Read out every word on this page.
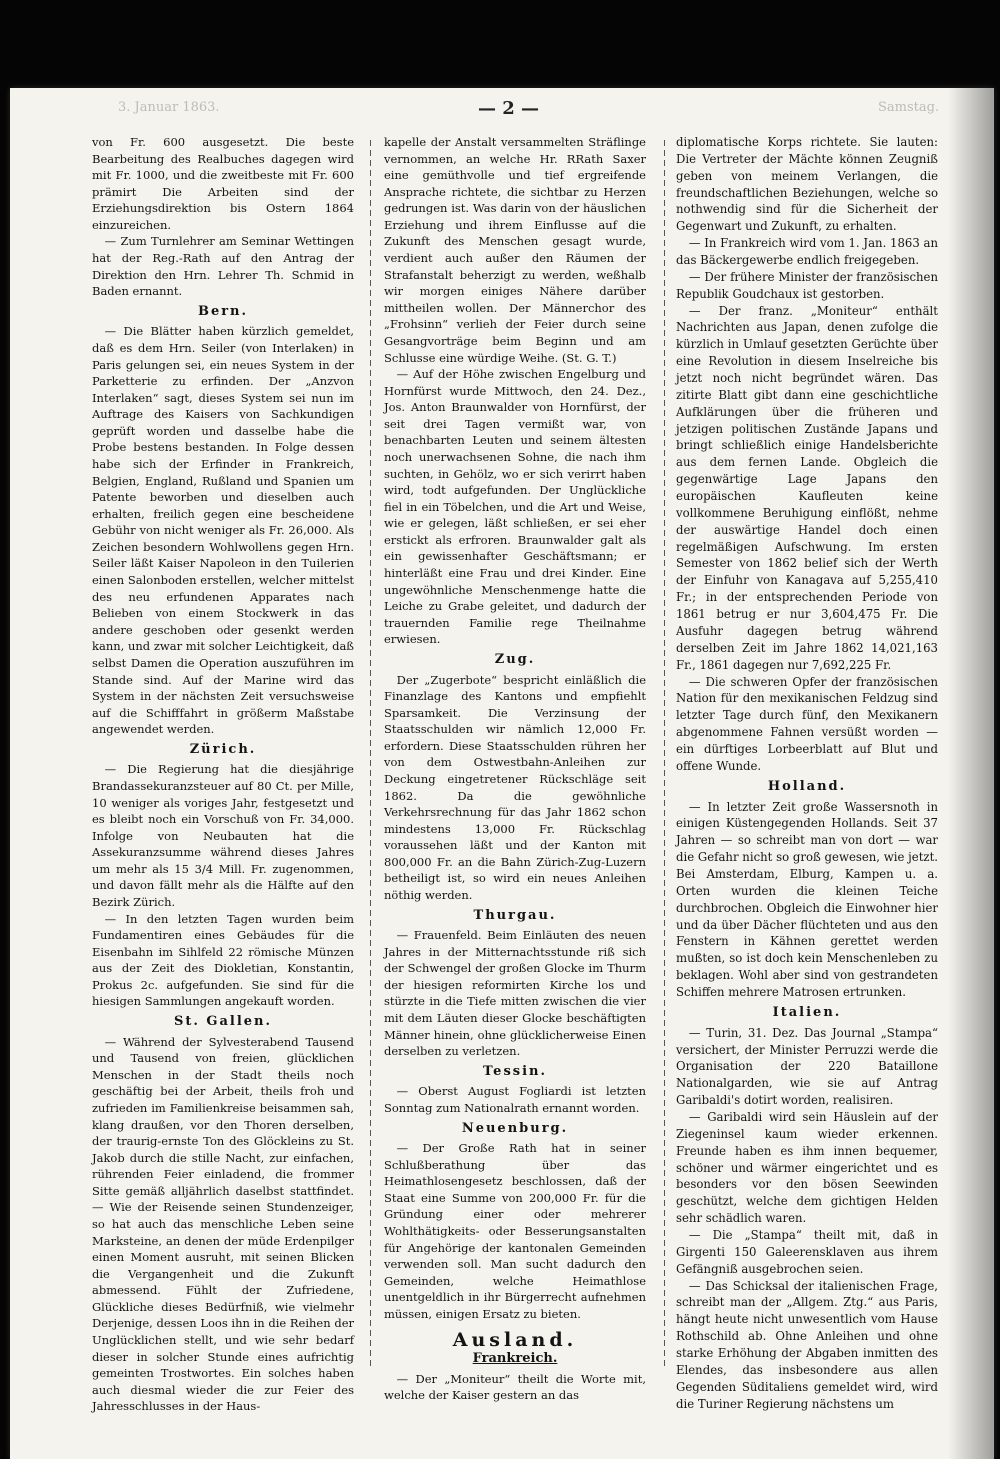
3. Januar 1863.	— 2 —	Samstag.

von Fr. 600 ausgesetzt. Die beste Bearbeitung des Realbuches dagegen wird mit Fr. 1000, und die zweitbeste mit Fr. 600 prämirt Die Arbeiten sind der Erziehungsdirektion bis Ostern 1864 einzureichen.

— Zum Turnlehrer am Seminar Wettingen hat der Reg.-Rath auf den Antrag der Direktion den Hrn. Lehrer Th. Schmid in Baden ernannt.

Bern.

— Die Blätter haben kürzlich gemeldet, daß es dem Hrn. Seiler (von Interlaken) in Paris gelungen sei, ein neues System in der Parketterie zu erfinden. Der „Anzvon Interlaken“ sagt, dieses System sei nun im Auftrage des Kaisers von Sachkundigen geprüft worden und dasselbe habe die Probe bestens bestanden. In Folge dessen habe sich der Erfinder in Frankreich, Belgien, England, Rußland und Spanien um Patente beworben und dieselben auch erhalten, freilich gegen eine bescheidene Gebühr von nicht weniger als Fr. 26,000. Als Zeichen besondern Wohlwollens gegen Hrn. Seiler läßt Kaiser Napoleon in den Tuilerien einen Salonboden erstellen, welcher mittelst des neu erfundenen Apparates nach Belieben von einem Stockwerk in das andere geschoben oder gesenkt werden kann, und zwar mit solcher Leichtigkeit, daß selbst Damen die Operation auszuführen im Stande sind. Auf der Marine wird das System in der nächsten Zeit versuchsweise auf die Schifffahrt in größerm Maßstabe angewendet werden.

Zürich.

— Die Regierung hat die diesjährige Brandassekuranzsteuer auf 80 Ct. per Mille, 10 weniger als voriges Jahr, festgesetzt und es bleibt noch ein Vorschuß von Fr. 34,000. Infolge von Neubauten hat die Assekuranzsumme während dieses Jahres um mehr als 15 3/4 Mill. Fr. zugenommen, und davon fällt mehr als die Hälfte auf den Bezirk Zürich.

— In den letzten Tagen wurden beim Fundamentiren eines Gebäudes für die Eisenbahn im Sihlfeld 22 römische Münzen aus der Zeit des Diokletian, Konstantin, Prokus 2c. aufgefunden. Sie sind für die hiesigen Sammlungen angekauft worden.

St. Gallen.

— Während der Sylvesterabend Tausend und Tausend von freien, glücklichen Menschen in der Stadt theils noch geschäftig bei der Arbeit, theils froh und zufrieden im Familienkreise beisammen sah, klang draußen, vor den Thoren derselben, der traurig-ernste Ton des Glöckleins zu St. Jakob durch die stille Nacht, zur einfachen, rührenden Feier einladend, die frommer Sitte gemäß alljährlich daselbst stattfindet. — Wie der Reisende seinen Stundenzeiger, so hat auch das menschliche Leben seine Marksteine, an denen der müde Erdenpilger einen Moment ausruht, mit seinen Blicken die Vergangenheit und die Zukunft abmessend. Fühlt der Zufriedene, Glückliche dieses Bedürfniß, wie vielmehr Derjenige, dessen Loos ihn in die Reihen der Unglücklichen stellt, und wie sehr bedarf dieser in solcher Stunde eines aufrichtig gemeinten Trostwortes. Ein solches haben auch diesmal wieder die zur Feier des Jahresschlusses in der Haus-

kapelle der Anstalt versammelten Sträflinge vernommen, an welche Hr. RRath Saxer eine gemüthvolle und tief ergreifende Ansprache richtete, die sichtbar zu Herzen gedrungen ist. Was darin von der häuslichen Erziehung und ihrem Einflusse auf die Zukunft des Menschen gesagt wurde, verdient auch außer den Räumen der Strafanstalt beherzigt zu werden, weßhalb wir morgen einiges Nähere darüber mittheilen wollen. Der Männerchor des „Frohsinn“ verlieh der Feier durch seine Gesangvorträge beim Beginn und am Schlusse eine würdige Weihe. (St. G. T.)

— Auf der Höhe zwischen Engelburg und Hornfürst wurde Mittwoch, den 24. Dez., Jos. Anton Braunwalder von Hornfürst, der seit drei Tagen vermißt war, von benachbarten Leuten und seinem ältesten noch unerwachsenen Sohne, die nach ihm suchten, in Gehölz, wo er sich verirrt haben wird, todt aufgefunden. Der Unglückliche fiel in ein Töbelchen, und die Art und Weise, wie er gelegen, läßt schließen, er sei eher erstickt als erfroren. Braunwalder galt als ein gewissenhafter Geschäftsmann; er hinterläßt eine Frau und drei Kinder. Eine ungewöhnliche Menschenmenge hatte die Leiche zu Grabe geleitet, und dadurch der trauernden Familie rege Theilnahme erwiesen.

Zug.

Der „Zugerbote“ bespricht einläßlich die Finanzlage des Kantons und empfiehlt Sparsamkeit. Die Verzinsung der Staatsschulden wir nämlich 12,000 Fr. erfordern. Diese Staatsschulden rühren her von dem Ostwestbahn-Anleihen zur Deckung eingetretener Rückschläge seit 1862. Da die gewöhnliche Verkehrsrechnung für das Jahr 1862 schon mindestens 13,000 Fr. Rückschlag voraussehen läßt und der Kanton mit 800,000 Fr. an die Bahn Zürich-Zug-Luzern betheiligt ist, so wird ein neues Anleihen nöthig werden.

Thurgau.

— Frauenfeld. Beim Einläuten des neuen Jahres in der Mitternachtsstunde riß sich der Schwengel der großen Glocke im Thurm der hiesigen reformirten Kirche los und stürzte in die Tiefe mitten zwischen die vier mit dem Läuten dieser Glocke beschäftigten Männer hinein, ohne glücklicherweise Einen derselben zu verletzen.

Tessin.

— Oberst August Fogliardi ist letzten Sonntag zum Nationalrath ernannt worden.

Neuenburg.

— Der Große Rath hat in seiner Schlußberathung über das Heimathlosengesetz beschlossen, daß der Staat eine Summe von 200,000 Fr. für die Gründung einer oder mehrerer Wohlthätigkeits- oder Besserungsanstalten für Angehörige der kantonalen Gemeinden verwenden soll. Man sucht dadurch den Gemeinden, welche Heimathlose unentgeldlich in ihr Bürgerrecht aufnehmen müssen, einigen Ersatz zu bieten.

Ausland.
Frankreich.

— Der „Moniteur“ theilt die Worte mit, welche der Kaiser gestern an das

diplomatische Korps richtete. Sie lauten: Die Vertreter der Mächte können Zeugniß geben von meinem Verlangen, die freundschaftlichen Beziehungen, welche so nothwendig sind für die Sicherheit der Gegenwart und Zukunft, zu erhalten.

— In Frankreich wird vom 1. Jan. 1863 an das Bäckergewerbe endlich freigegeben.

— Der frühere Minister der französischen Republik Goudchaux ist gestorben.

— Der franz. „Moniteur“ enthält Nachrichten aus Japan, denen zufolge die kürzlich in Umlauf gesetzten Gerüchte über eine Revolution in diesem Inselreiche bis jetzt noch nicht begründet wären. Das zitirte Blatt gibt dann eine geschichtliche Aufklärungen über die früheren und jetzigen politischen Zustände Japans und bringt schließlich einige Handelsberichte aus dem fernen Lande. Obgleich die gegenwärtige Lage Japans den europäischen Kaufleuten keine vollkommene Beruhigung einflößt, nehme der auswärtige Handel doch einen regelmäßigen Aufschwung. Im ersten Semester von 1862 belief sich der Werth der Einfuhr von Kanagava auf 5,255,410 Fr.; in der entsprechenden Periode von 1861 betrug er nur 3,604,475 Fr. Die Ausfuhr dagegen betrug während derselben Zeit im Jahre 1862 14,021,163 Fr., 1861 dagegen nur 7,692,225 Fr.

— Die schweren Opfer der französischen Nation für den mexikanischen Feldzug sind letzter Tage durch fünf, den Mexikanern abgenommene Fahnen versüßt worden — ein dürftiges Lorbeerblatt auf Blut und offene Wunde.

Holland.

— In letzter Zeit große Wassersnoth in einigen Küstengegenden Hollands. Seit 37 Jahren — so schreibt man von dort — war die Gefahr nicht so groß gewesen, wie jetzt. Bei Amsterdam, Elburg, Kampen u. a. Orten wurden die kleinen Teiche durchbrochen. Obgleich die Einwohner hier und da über Dächer flüchteten und aus den Fenstern in Kähnen gerettet werden mußten, so ist doch kein Menschenleben zu beklagen. Wohl aber sind von gestrandeten Schiffen mehrere Matrosen ertrunken.

Italien.

— Turin, 31. Dez. Das Journal „Stampa“ versichert, der Minister Perruzzi werde die Organisation der 220 Bataillone Nationalgarden, wie sie auf Antrag Garibaldi's dotirt worden, realisiren.

— Garibaldi wird sein Häuslein auf der Ziegeninsel kaum wieder erkennen. Freunde haben es ihm innen bequemer, schöner und wärmer eingerichtet und es besonders vor den bösen Seewinden geschützt, welche dem gichtigen Helden sehr schädlich waren.

— Die „Stampa“ theilt mit, daß in Girgenti 150 Galeerensklaven aus ihrem Gefängniß ausgebrochen seien.

— Das Schicksal der italienischen Frage, schreibt man der „Allgem. Ztg.“ aus Paris, hängt heute nicht unwesentlich vom Hause Rothschild ab. Ohne Anleihen und ohne starke Erhöhung der Abgaben inmitten des Elendes, das insbesondere aus allen Gegenden Süditaliens gemeldet wird, wird die Turiner Regierung nächstens um
